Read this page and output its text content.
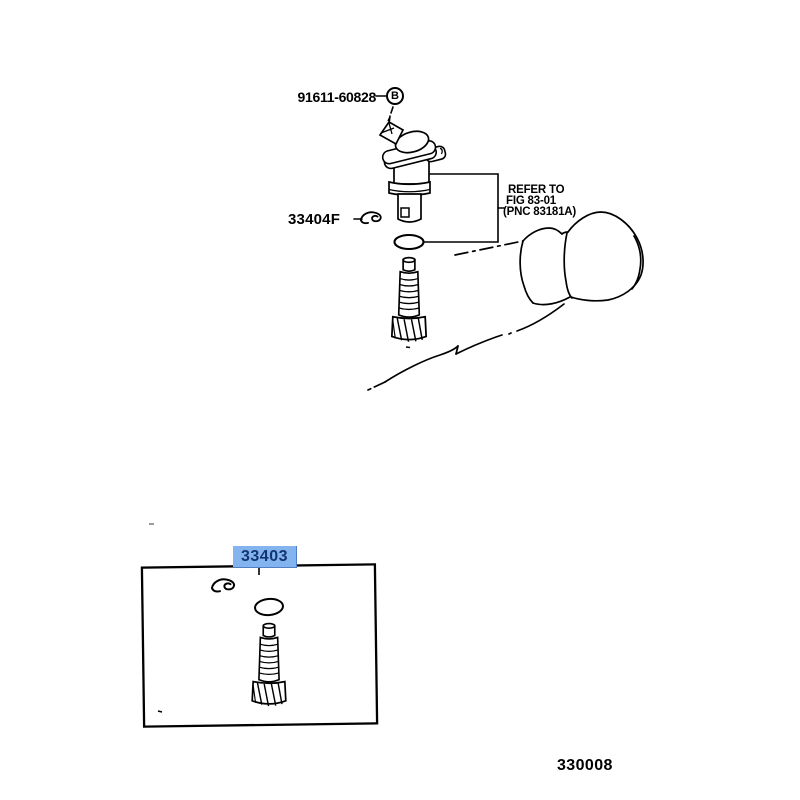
91611-60828	B
33404F
REFER TO
FIG 83-01
(PNC 83181A)
33403
330008
